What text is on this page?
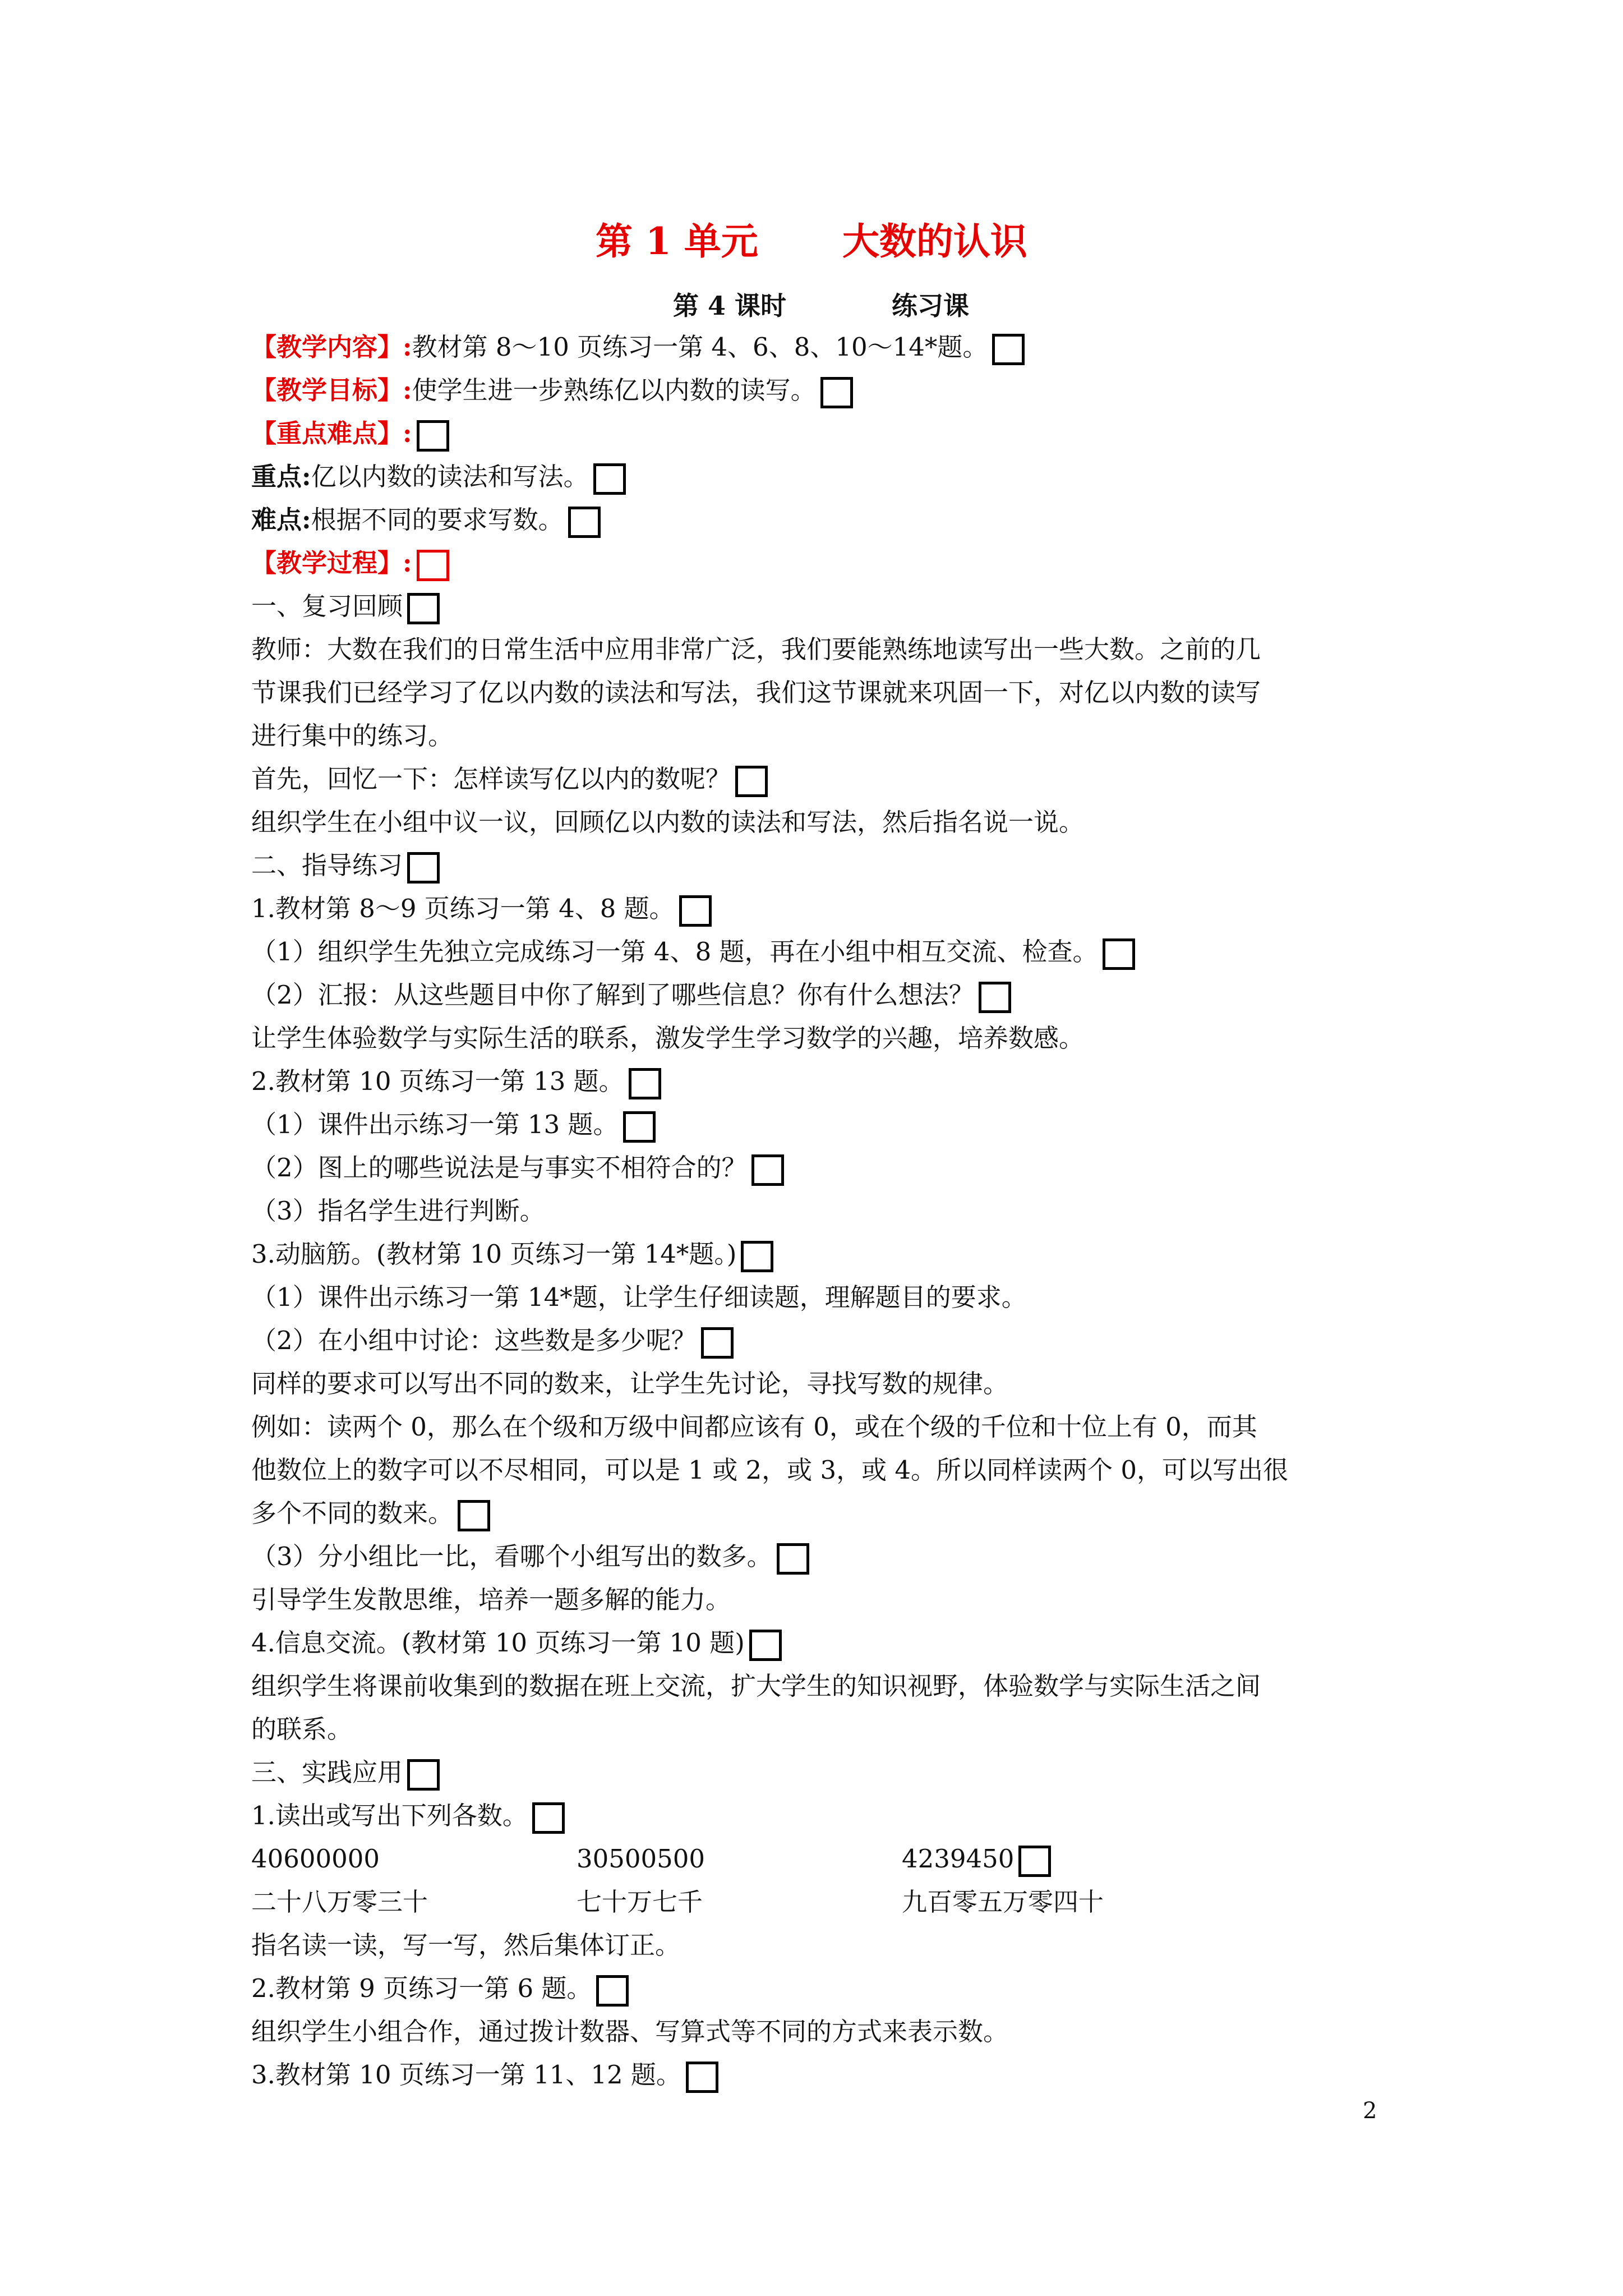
第 1 单元 大数的认识
第 4 课时	练习课
【教学内容】:教材第 8～10 页练习一第 4、6、8、10～14*题。
【教学目标】:使学生进一步熟练亿以内数的读写。
【重点难点】:
重点:亿以内数的读法和写法。
难点:根据不同的要求写数。
【教学过程】:
一、复习回顾
教师：大数在我们的日常生活中应用非常广泛，我们要能熟练地读写出一些大数。之前的几
节课我们已经学习了亿以内数的读法和写法，我们这节课就来巩固一下，对亿以内数的读写
进行集中的练习。
首先，回忆一下：怎样读写亿以内的数呢？
组织学生在小组中议一议，回顾亿以内数的读法和写法，然后指名说一说。
二、指导练习
1.教材第 8～9 页练习一第 4、8 题。
（1）组织学生先独立完成练习一第 4、8 题，再在小组中相互交流、检查。
（2）汇报：从这些题目中你了解到了哪些信息？你有什么想法？
让学生体验数学与实际生活的联系，激发学生学习数学的兴趣，培养数感。
2.教材第 10 页练习一第 13 题。
（1）课件出示练习一第 13 题。
（2）图上的哪些说法是与事实不相符合的？
（3）指名学生进行判断。
3.动脑筋。(教材第 10 页练习一第 14*题。)
（1）课件出示练习一第 14*题，让学生仔细读题，理解题目的要求。
（2）在小组中讨论：这些数是多少呢？
同样的要求可以写出不同的数来，让学生先讨论，寻找写数的规律。
例如：读两个 0，那么在个级和万级中间都应该有 0，或在个级的千位和十位上有 0，而其
他数位上的数字可以不尽相同，可以是 1 或 2，或 3，或 4。所以同样读两个 0，可以写出很
多个不同的数来。
（3）分小组比一比，看哪个小组写出的数多。
引导学生发散思维，培养一题多解的能力。
4.信息交流。(教材第 10 页练习一第 10 题)
组织学生将课前收集到的数据在班上交流，扩大学生的知识视野，体验数学与实际生活之间
的联系。
三、实践应用
1.读出或写出下列各数。
40600000	30500500	4239450
二十八万零三十	七十万七千	九百零五万零四十
指名读一读，写一写，然后集体订正。
2.教材第 9 页练习一第 6 题。
组织学生小组合作，通过拨计数器、写算式等不同的方式来表示数。
3.教材第 10 页练习一第 11、12 题。
2
